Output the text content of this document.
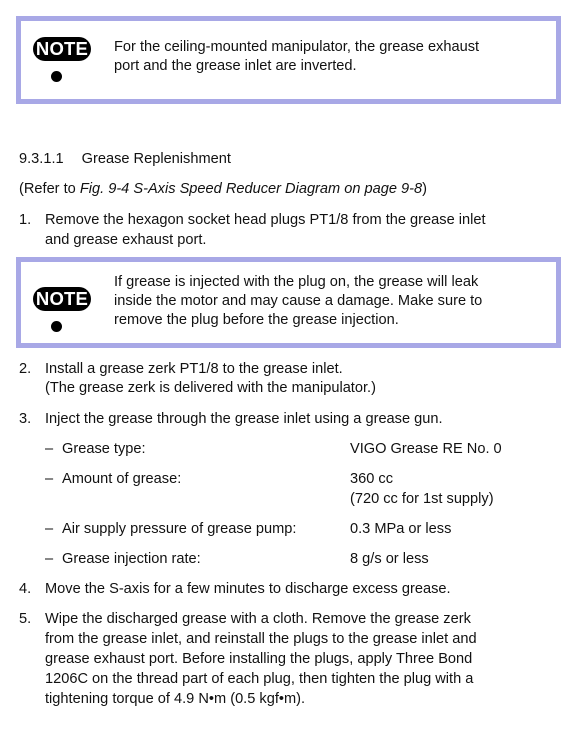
NOTE For the ceiling-mounted manipulator, the grease exhaust
port and the grease inlet are inverted.
9.3.1.1 Grease Replenishment
(Refer to Fig. 9-4 S-Axis Speed Reducer Diagram on page 9-8)
1. Remove the hexagon socket head plugs PT1/8 from the grease inlet
and grease exhaust port.
NOTE
If grease is injected with the plug on, the grease will leak
inside the motor and may cause a damage. Make sure to
remove the plug before the grease injection.
2. Install a grease zerk PT1/8 to the grease inlet.
(The grease zerk is delivered with the manipulator.)
3. Inject the grease through the grease inlet using a grease gun.
– Grease type:	VIGO Grease RE No. 0
– Amount of grease:	360 cc
(720 cc for 1st supply)
– Air supply pressure of grease pump:	0.3 MPa or less
– Grease injection rate:	8 g/s or less
4. Move the S-axis for a few minutes to discharge excess grease.
5. Wipe the discharged grease with a cloth. Remove the grease zerk
from the grease inlet, and reinstall the plugs to the grease inlet and
grease exhaust port. Before installing the plugs, apply Three Bond
1206C on the thread part of each plug, then tighten the plug with a
tightening torque of 4.9 N•m (0.5 kgf•m).
